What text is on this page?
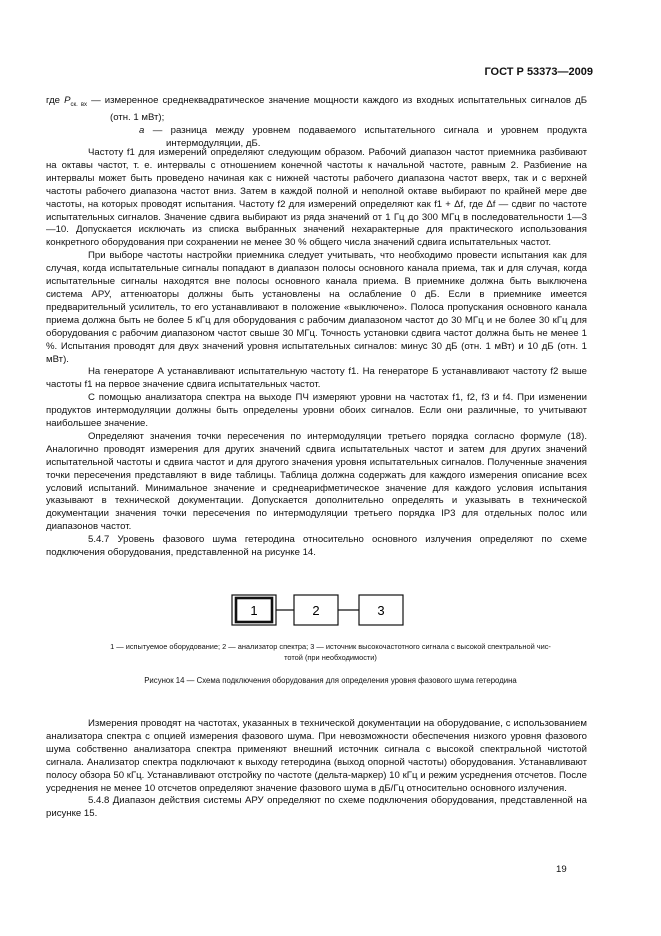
ГОСТ Р 53373—2009

где $P_{ск. вх}$ — измеренное среднеквадратическое значение мощности каждого из входных испытательных сигналов дБ (отн. 1 мВт);

a — разница между уровнем подаваемого испытательного сигнала и уровнем продукта интермодуляции, дБ.

Частоту f1 для измерений определяют следующим образом. Рабочий диапазон частот приемника разбивают на октавы частот, т. е. интервалы с отношением конечной частоты к начальной частоте, равным 2. Разбиение на интервалы может быть проведено начиная как с нижней частоты рабочего диапазона частот вверх, так и с верхней частоты рабочего диапазона частот вниз. Затем в каждой полной и неполной октаве выбирают по крайней мере две частоты, на которых проводят испытания. Частоту f2 для измерений определяют как f1 + Δf, где Δf — сдвиг по частоте испытательных сигналов. Значение сдвига выбирают из ряда значений от 1 Гц до 300 МГц в последовательности 1—3—10. Допускается исключать из списка выбранных значений нехарактерные для практического использования конкретного оборудования при сохранении не менее 30 % общего числа значений сдвига испытательных частот.

При выборе частоты настройки приемника следует учитывать, что необходимо провести испытания как для случая, когда испытательные сигналы попадают в диапазон полосы основного канала приема, так и для случая, когда испытательные сигналы находятся вне полосы основного канала приема. В приемнике должна быть выключена система АРУ, аттенюаторы должны быть установлены на ослабление 0 дБ. Если в приемнике имеется предварительный усилитель, то его устанавливают в положение «выключено». Полоса пропускания основного канала приема должна быть не более 5 кГц для оборудования с рабочим диапазоном частот до 30 МГц и не более 30 кГц для оборудования с рабочим диапазоном частот свыше 30 МГц. Точность установки сдвига частот должна быть не менее 1 %. Испытания проводят для двух значений уровня испытательных сигналов: минус 30 дБ (отн. 1 мВт) и 10 дБ (отн. 1 мВт).

На генераторе А устанавливают испытательную частоту f1. На генераторе Б устанавливают частоту f2 выше частоты f1 на первое значение сдвига испытательных частот.

С помощью анализатора спектра на выходе ПЧ измеряют уровни на частотах f1, f2, f3 и f4. При изменении продуктов интермодуляции должны быть определены уровни обоих сигналов. Если они различные, то учитывают наибольшее значение.

Определяют значения точки пересечения по интермодуляции третьего порядка согласно формуле (18). Аналогично проводят измерения для других значений сдвига испытательных частот и затем для других значений испытательной частоты и сдвига частот и для другого значения уровня испытательных сигналов. Полученные значения точки пересечения представляют в виде таблицы. Таблица должна содержать для каждого измерения описание всех условий испытаний. Минимальное значение и среднеарифметическое значение для каждого условия испытания указывают в технической документации. Допускается дополнительно определять и указывать в технической документации значения точки пересечения по интермодуляции третьего порядка IP3 для отдельных полос или диапазонов частот.

5.4.7 Уровень фазового шума гетеродина относительно основного излучения определяют по схеме подключения оборудования, представленной на рисунке 14.

1	2	3
1 — испытуемое оборудование; 2 — анализатор спектра; 3 — источник высокочастотного сигнала с высокой спектральной чис-
тотой (при необходимости)
Рисунок 14 — Схема подключения оборудования для определения уровня фазового шума гетеродина

Измерения проводят на частотах, указанных в технической документации на оборудование, с использованием анализатора спектра с опцией измерения фазового шума. При невозможности обеспечения низкого уровня фазового шума собственно анализатора спектра применяют внешний источник сигнала с высокой спектральной чистотой сигнала. Анализатор спектра подключают к выходу гетеродина (выход опорной частоты) оборудования. Устанавливают полосу обзора 50 кГц. Устанавливают отстройку по частоте (дельта-маркер) 10 кГц и режим усреднения отсчетов. После усреднения не менее 10 отсчетов определяют значение фазового шума в дБ/Гц относительно основного излучения.

5.4.8 Диапазон действия системы АРУ определяют по схеме подключения оборудования, представленной на рисунке 15.

19
